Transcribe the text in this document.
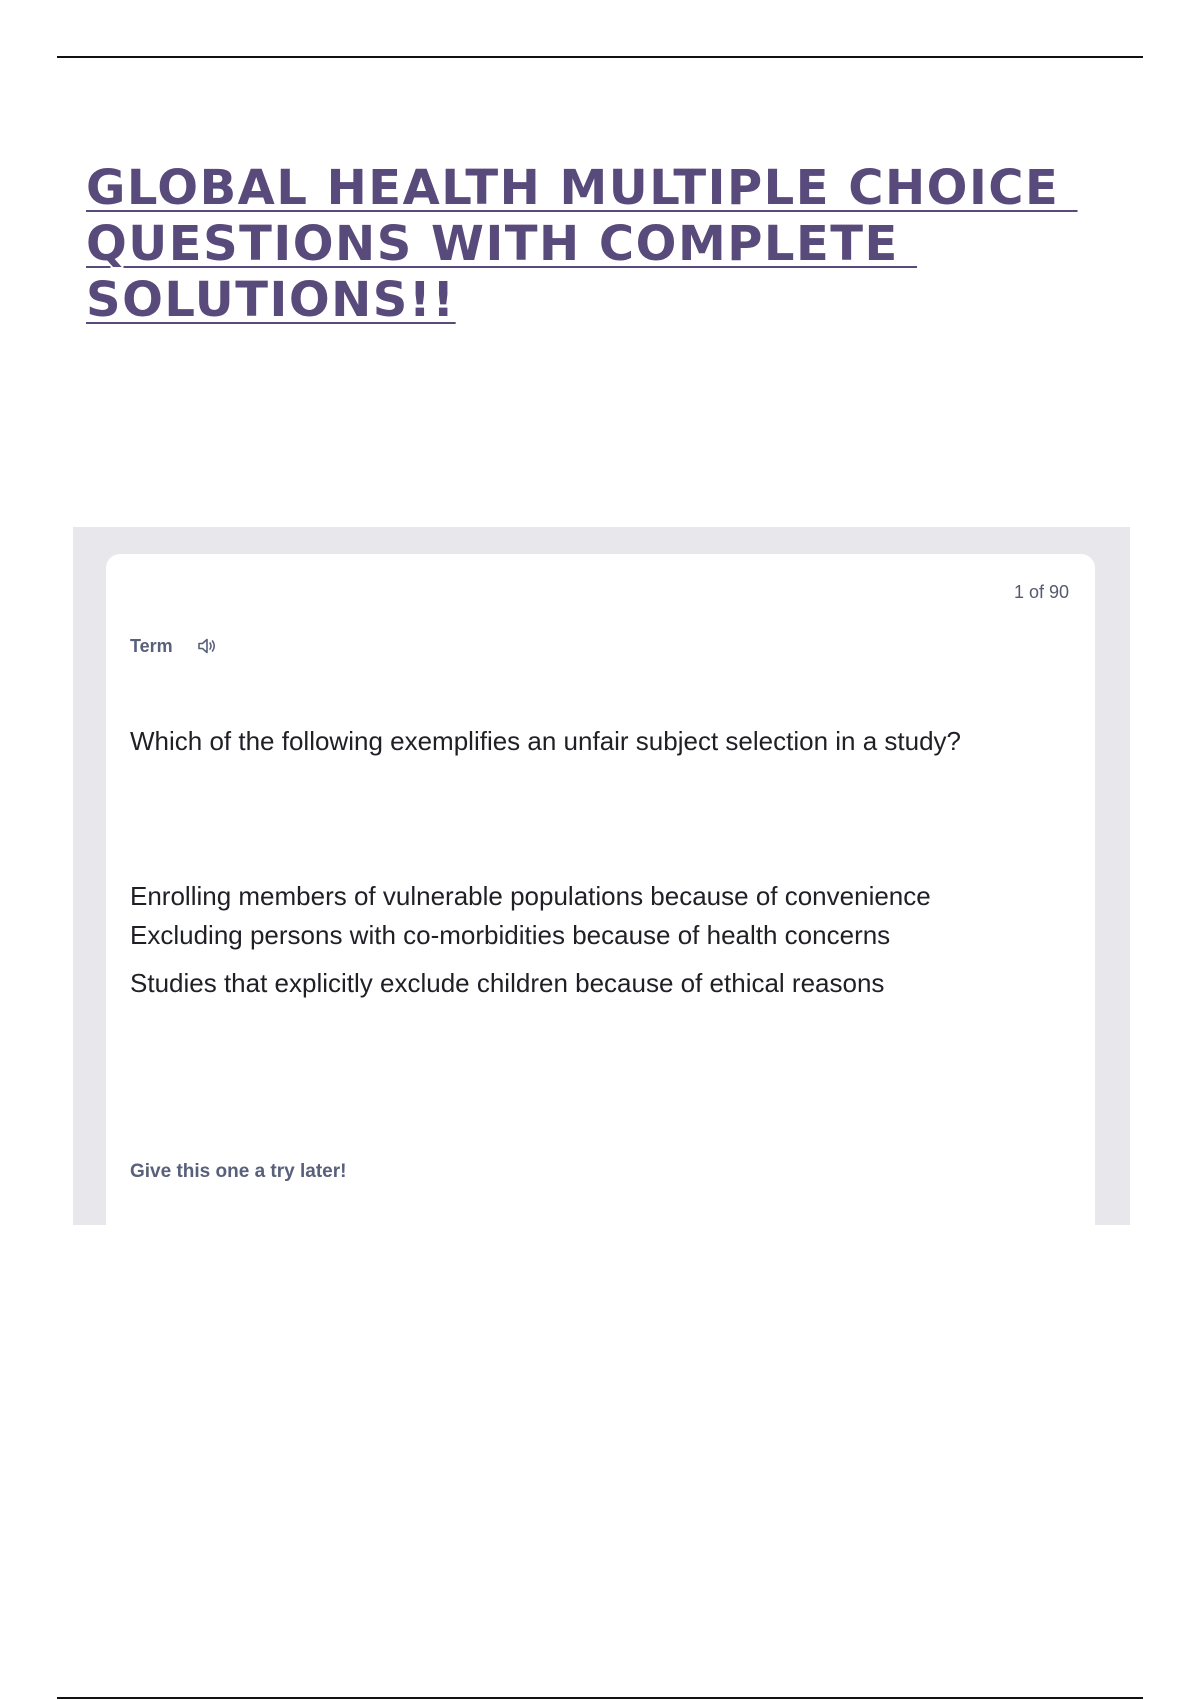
GLOBAL HEALTH MULTIPLE CHOICE
QUESTIONS WITH COMPLETE
SOLUTIONS!!
1 of 90
Term
Which of the following exemplifies an unfair subject selection in a study?
Enrolling members of vulnerable populations because of convenience
Excluding persons with co-morbidities because of health concerns
Studies that explicitly exclude children because of ethical reasons
Give this one a try later!
